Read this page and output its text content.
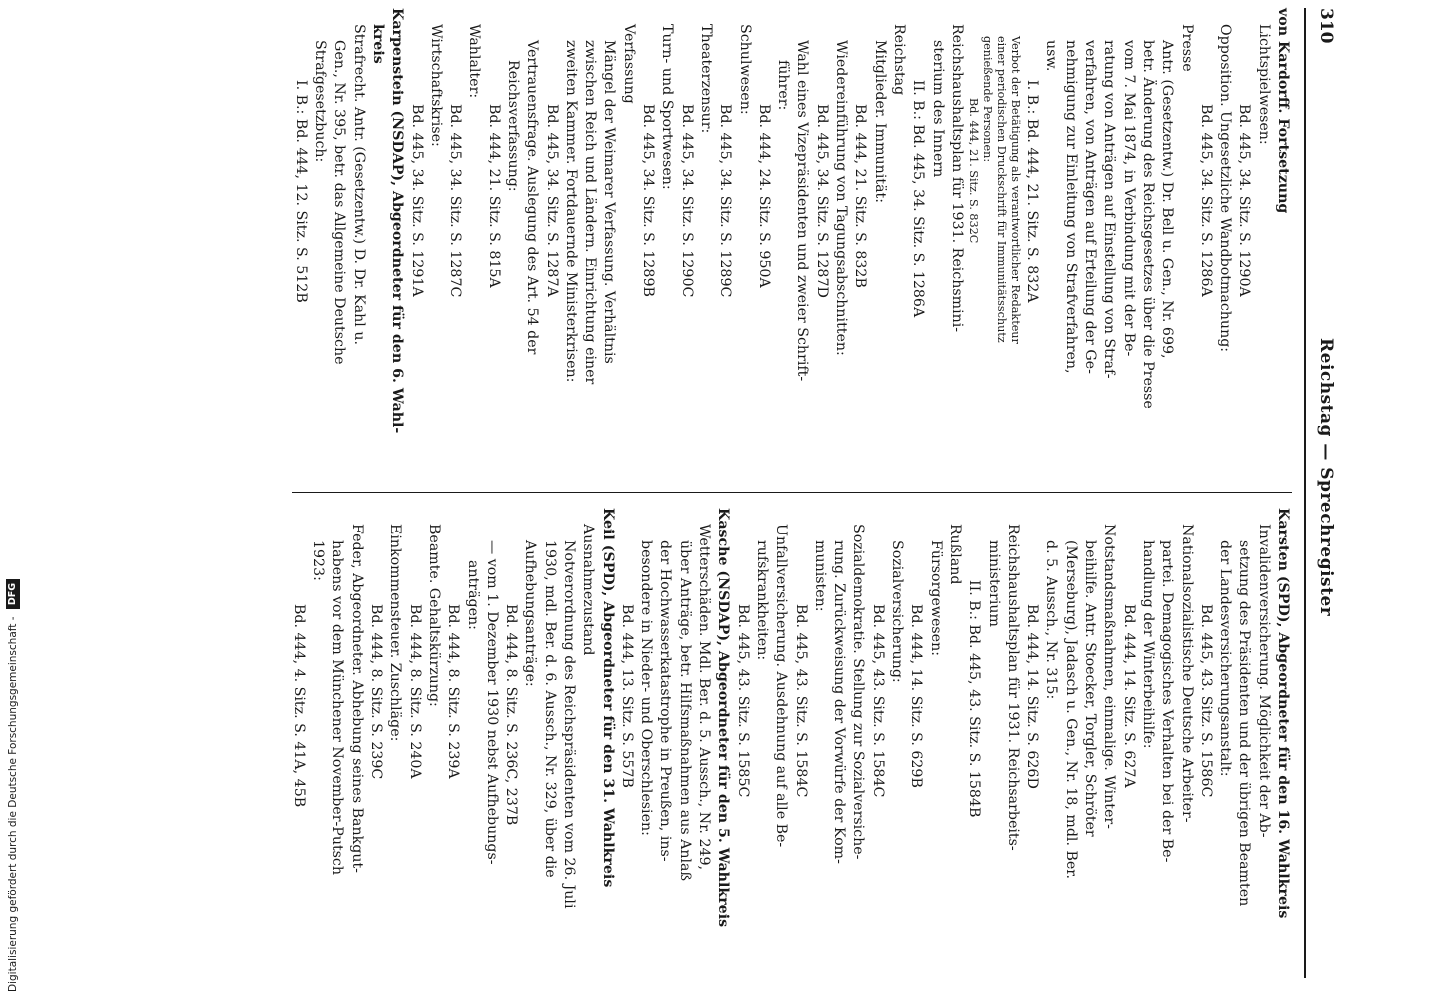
310
Reichstag — Sprechregister
von Kardorff. Fortsetzung
Lichtspielwesen:
Bd. 445, 34. Sitz. S. 1290A
Opposition. Ungesetzliche Wandbotmachung:
Bd. 445, 34. Sitz. S. 1286A
Presse
Antr. (Gesetzentw.) Dr. Bell u. Gen., Nr. 699,
betr. Änderung des Reichsgesetzes über die Presse
vom 7. Mai 1874, in Verbindung mit der Be-
ratung von Anträgen auf Einstellung von Straf-
verfahren, von Anträgen auf Erteilung der Ge-
nehmigung zur Einleitung von Strafverfahren,
usw.
I. B.: Bd. 444, 21. Sitz. S. 832A
Verbot der Betätigung als verantwortlicher Redakteur
einer periodischen Druckschrift für Immunitätsschutz
genießende Personen:
Bd. 444, 21. Sitz. S. 832C
Reichshaushaltsplan für 1931. Reichsmini-
sterium des Innern
II. B.: Bd. 445, 34. Sitz. S. 1286A
Reichstag
Mitglieder. Immunität:
Bd. 444, 21. Sitz. S. 832B
Wiedereinführung von Tagungsabschnitten:
Bd. 445, 34. Sitz. S. 1287D
Wahl eines Vizepräsidenten und zweier Schrift-
führer:
Bd. 444, 24. Sitz. S. 950A
Schulwesen:
Bd. 445, 34. Sitz. S. 1289C
Theaterzensur:
Bd. 445, 34. Sitz. S. 1290C
Turn- und Sportwesen:
Bd. 445, 34. Sitz. S. 1289B
Verfassung
Mängel der Weimarer Verfassung. Verhältnis
zwischen Reich und Ländern. Einrichtung einer
zweiten Kammer. Fortdauernde Ministerkrisen:
Bd. 445, 34. Sitz. S. 1287A
Vertrauensfrage. Auslegung des Art. 54 der
Reichsverfassung:
Bd. 444, 21. Sitz. S. 815A
Wahlalter:
Bd. 445, 34. Sitz. S. 1287C
Wirtschaftskrise:
Bd. 445, 34. Sitz. S. 1291A
Karpenstein (NSDAP), Abgeordneter für den 6. Wahl-
kreis
Strafrecht. Antr. (Gesetzentw.) D. Dr. Kahl u.
Gen., Nr. 395, betr. das Allgemeine Deutsche
Strafgesetzbuch:
I. B.: Bd. 444, 12. Sitz. S. 512B
Karsten (SPD), Abgeordneter für den 16. Wahlkreis
Invalidenversicherung. Möglichkeit der Ab-
setzung des Präsidenten und der übrigen Beamten
der Landesversicherungsanstalt:
Bd. 445, 43. Sitz. S. 1586C
Nationalsozialistische Deutsche Arbeiter-
partei. Demagogisches Verhalten bei der Be-
handlung der Winterbeihilfe:
Bd. 444, 14. Sitz. S. 627A
Notstandsmaßnahmen, einmalige. Winter-
beihilfe. Antr. Stoecker, Torgler, Schröter
(Merseburg), Jadasch u. Gen., Nr. 18, mdl. Ber.
d. 5. Aussch., Nr. 315:
Bd. 444, 14. Sitz. S. 626D
Reichshaushaltsplan für 1931. Reichsarbeits-
ministerium
II. B.: Bd. 445, 43. Sitz. S. 1584B
Rußland
Fürsorgewesen:
Bd. 444, 14. Sitz. S. 629B
Sozialversicherung:
Bd. 445, 43. Sitz. S. 1584C
Sozialdemokratie. Stellung zur Sozialversiche-
rung. Zurückweisung der Vorwürfe der Kom-
munisten:
Bd. 445, 43. Sitz. S. 1584C
Unfallversicherung. Ausdehnung auf alle Be-
rufskrankheiten:
Bd. 445, 43. Sitz. S. 1585C
Kasche (NSDAP), Abgeordneter für den 5. Wahlkreis
Wetterschäden. Mdl. Ber. d. 5. Aussch., Nr. 249,
über Anträge, betr. Hilfsmaßnahmen aus Anlaß
der Hochwasserkatastrophe in Preußen, ins-
besondere in Nieder- und Oberschlesien:
Bd. 444, 13. Sitz. S. 557B
Keil (SPD), Abgeordneter für den 31. Wahlkreis
Ausnahmezustand
Notverordnung des Reichspräsidenten vom 26. Juli
1930, mdl. Ber. d. 6. Aussch., Nr. 329, über die
Aufhebungsanträge:
Bd. 444, 8. Sitz. S. 236C, 237B
— vom 1. Dezember 1930 nebst Aufhebungs-
anträgen:
Bd. 444, 8. Sitz. S. 239A
Beamte. Gehaltskürzung:
Bd. 444, 8. Sitz. S. 240A
Einkommensteuer. Zuschläge:
Bd. 444, 8. Sitz. S. 239C
Feder, Abgeordneter. Abhebung seines Bankgut-
habens vor dem Münchener November-Putsch
1923:
Bd. 444, 4. Sitz. S. 41A, 45B
Digitalisierung gefördert durch die Deutsche Forschungsgemeinschaft - DFG
